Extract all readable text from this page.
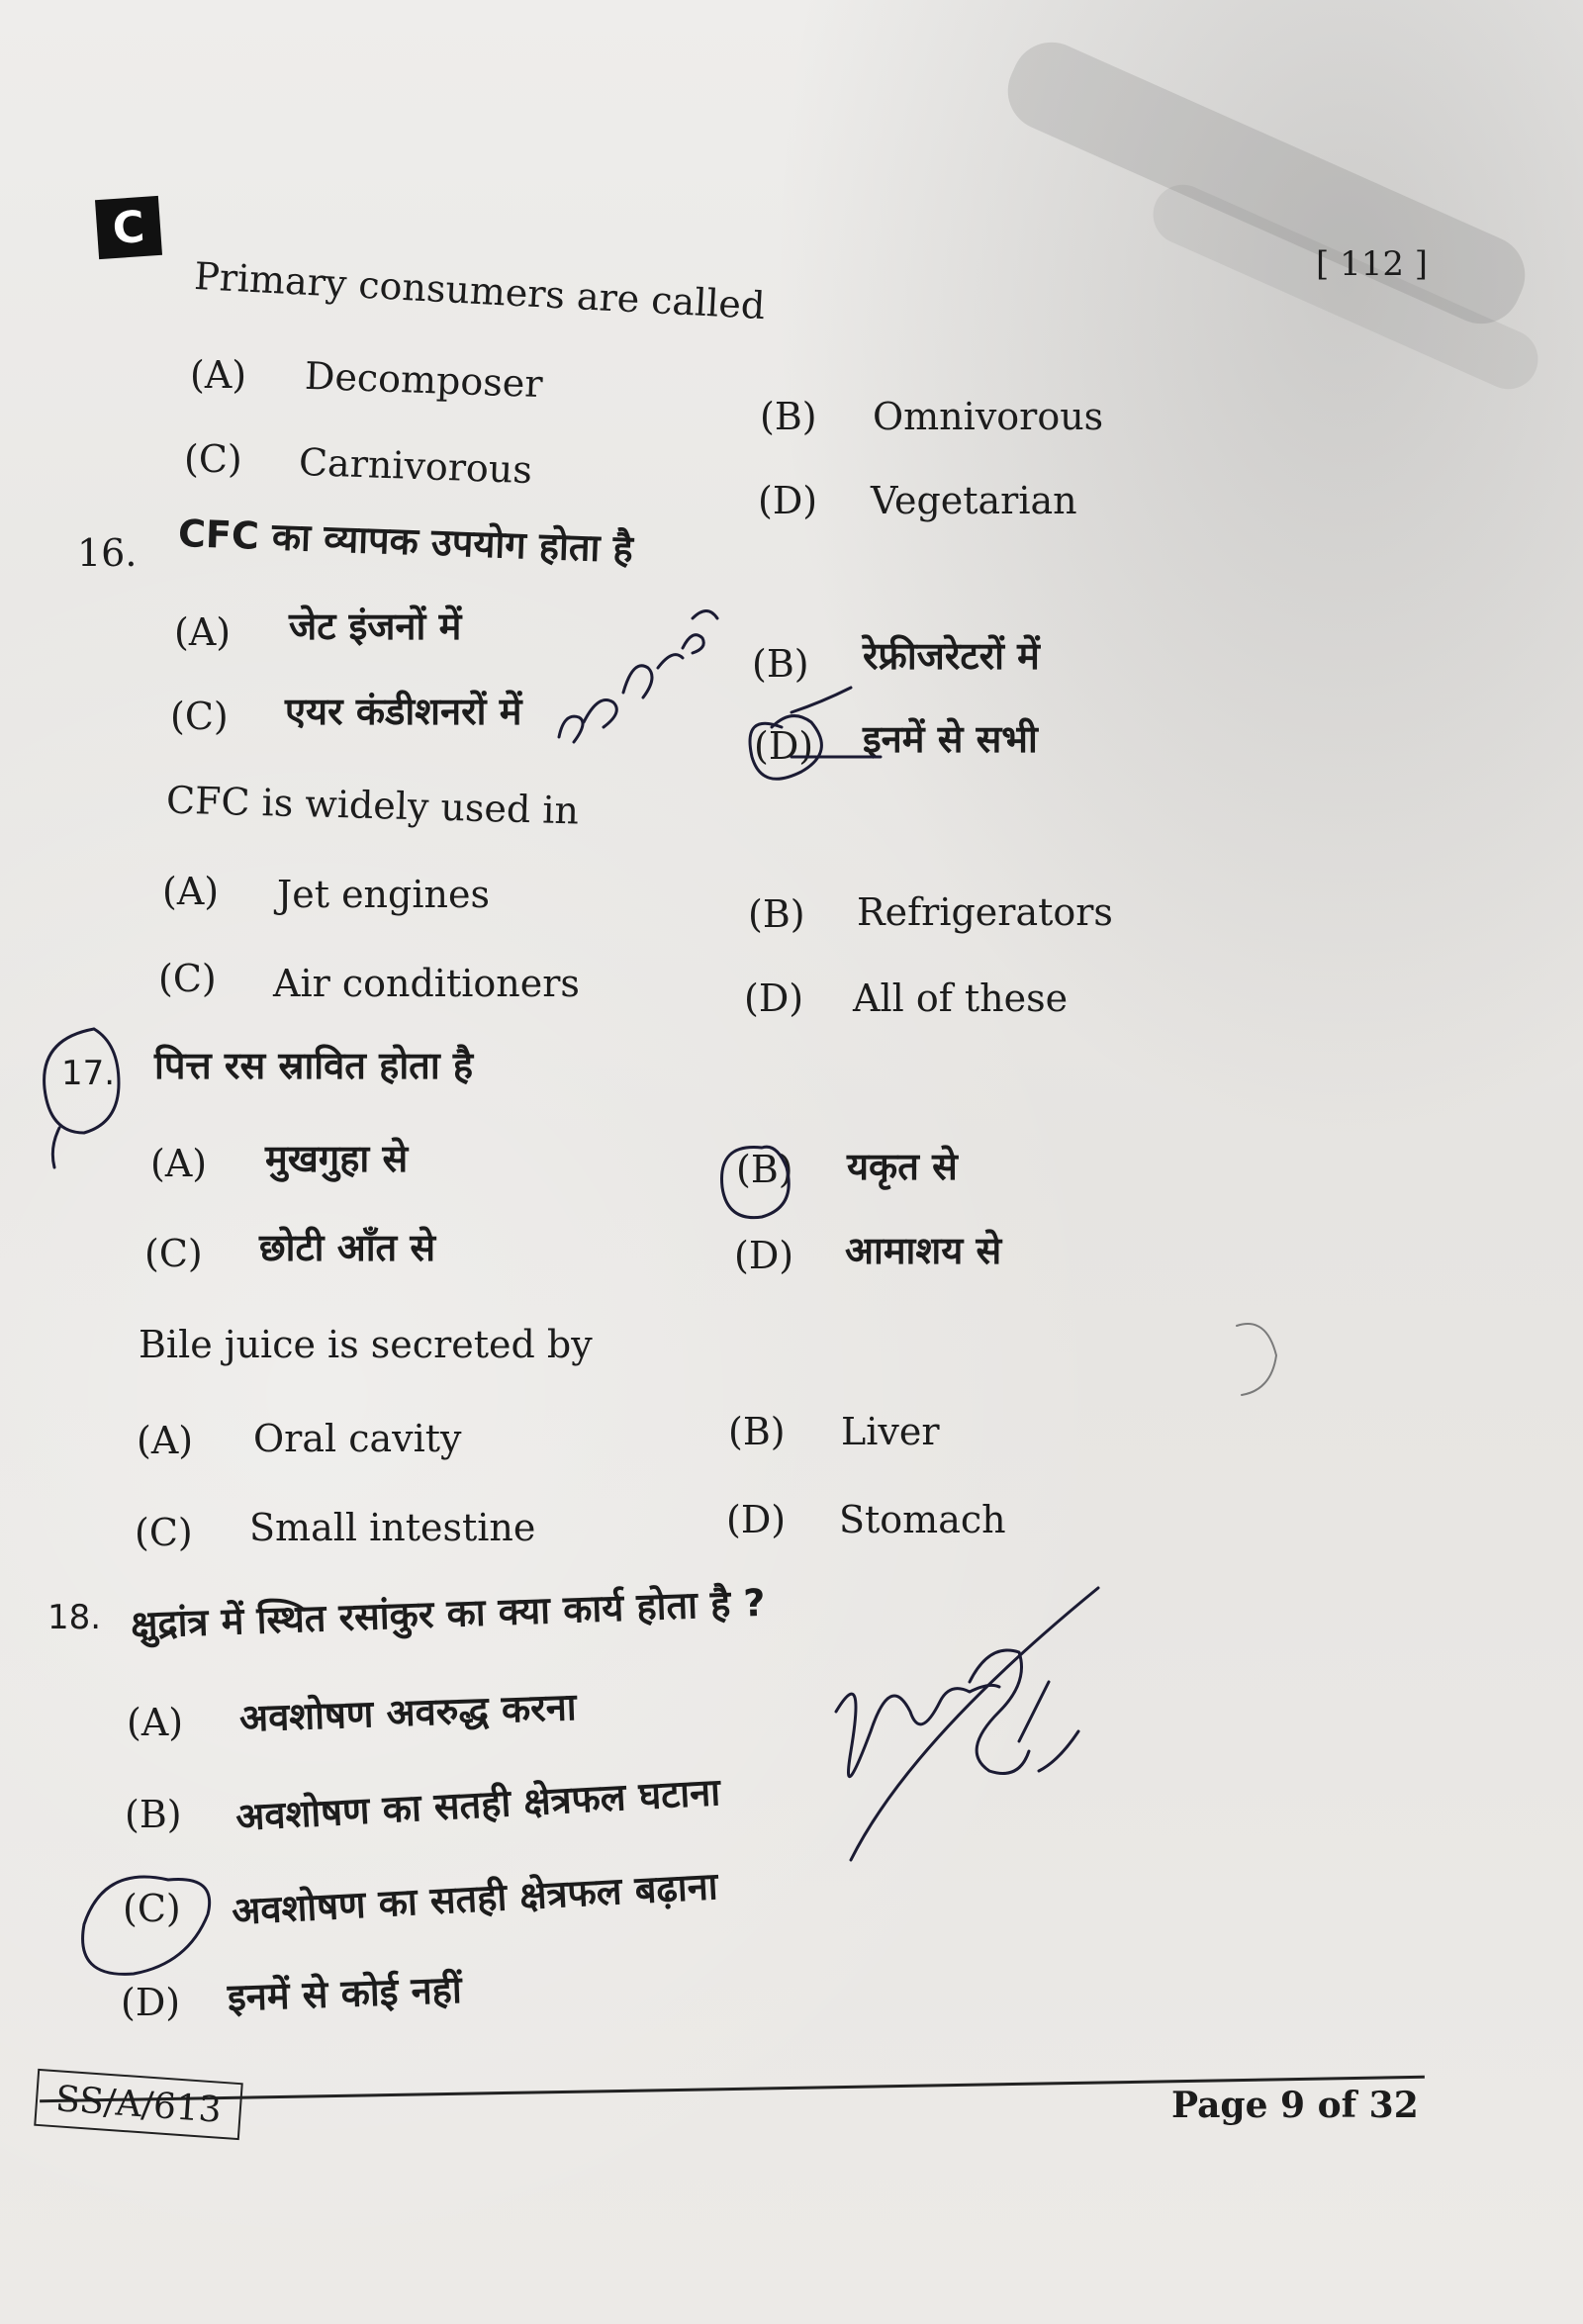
C
[ 112 ]
Primary consumers are called
(A) Decomposer
(B) Omnivorous
(C) Carnivorous
(D) Vegetarian
16. CFC का व्यापक उपयोग होता है
(A) जेट इंजनों में
(B) रेफ्रीजरेटरों में
(C) एयर कंडीशनरों में
(D) इनमें से सभी
CFC is widely used in
(A) Jet engines	(B) Refrigerators
(C) Air conditioners	(D) All of these
17. पित्त रस स्रावित होता है
(A) मुखगुहा से	(B) यकृत से
(C) छोटी आँत से	(D) आमाशय से
Bile juice is secreted by
(A) Oral cavity	(B) Liver
(C) Small intestine	(D) Stomach
18. क्षुद्रांत्र में स्थित रसांकुर का क्या कार्य होता है ?
(A) अवशोषण अवरुद्ध करना
(B) अवशोषण का सतही क्षेत्रफल घटाना
(C) अवशोषण का सतही क्षेत्रफल बढ़ाना
(D) इनमें से कोई नहीं
SS/A/613	Page 9 of 32
